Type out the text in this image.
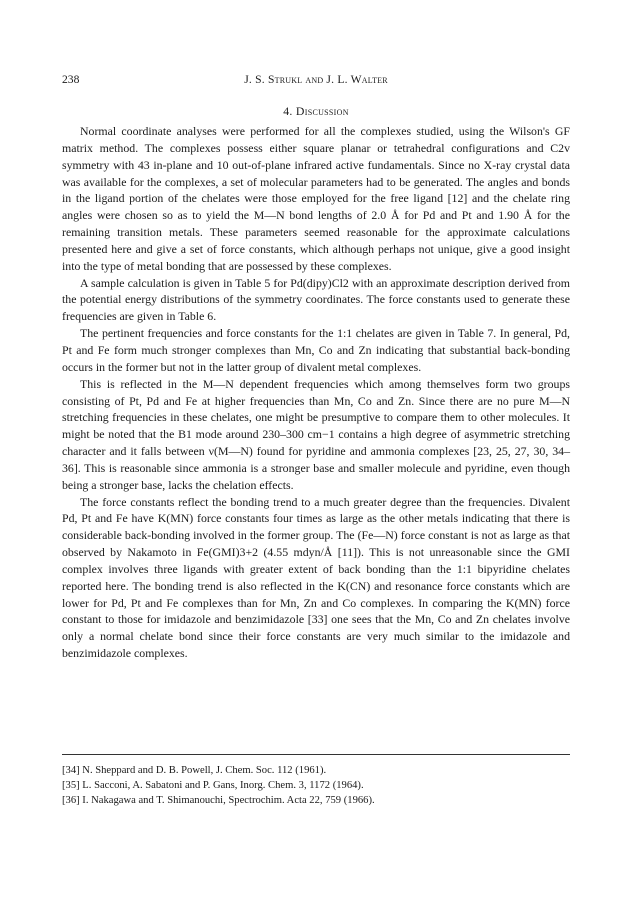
238	J. S. Strukl and J. L. Walter
4. Discussion

Normal coordinate analyses were performed for all the complexes studied, using the Wilson's GF matrix method. The complexes possess either square planar or tetrahedral configurations and C2v symmetry with 43 in-plane and 10 out-of-plane infrared active fundamentals. Since no X-ray crystal data was available for the complexes, a set of molecular parameters had to be generated. The angles and bonds in the ligand portion of the chelates were those employed for the free ligand [12] and the chelate ring angles were chosen so as to yield the M—N bond lengths of 2.0 Å for Pd and Pt and 1.90 Å for the remaining transition metals. These parameters seemed reasonable for the approximate calculations presented here and give a set of force constants, which although perhaps not unique, give a good insight into the type of metal bonding that are possessed by these complexes.

A sample calculation is given in Table 5 for Pd(dipy)Cl2 with an approximate description derived from the potential energy distributions of the symmetry coordinates. The force constants used to generate these frequencies are given in Table 6.

The pertinent frequencies and force constants for the 1:1 chelates are given in Table 7. In general, Pd, Pt and Fe form much stronger complexes than Mn, Co and Zn indicating that substantial back-bonding occurs in the former but not in the latter group of divalent metal complexes.

This is reflected in the M—N dependent frequencies which among themselves form two groups consisting of Pt, Pd and Fe at higher frequencies than Mn, Co and Zn. Since there are no pure M—N stretching frequencies in these chelates, one might be presumptive to compare them to other molecules. It might be noted that the B1 mode around 230–300 cm−1 contains a high degree of asymmetric stretching character and it falls between ν(M—N) found for pyridine and ammonia complexes [23, 25, 27, 30, 34–36]. This is reasonable since ammonia is a stronger base and smaller molecule and pyridine, even though being a stronger base, lacks the chelation effects.

The force constants reflect the bonding trend to a much greater degree than the frequencies. Divalent Pd, Pt and Fe have K(MN) force constants four times as large as the other metals indicating that there is considerable back-bonding involved in the former group. The (Fe—N) force constant is not as large as that observed by Nakamoto in Fe(GMI)3+2 (4.55 mdyn/Å [11]). This is not unreasonable since the GMI complex involves three ligands with greater extent of back bonding than the 1:1 bipyridine chelates reported here. The bonding trend is also reflected in the K(CN) and resonance force constants which are lower for Pd, Pt and Fe complexes than for Mn, Zn and Co complexes. In comparing the K(MN) force constant to those for imidazole and benzimidazole [33] one sees that the Mn, Co and Zn chelates involve only a normal chelate bond since their force constants are very much similar to the imidazole and benzimidazole complexes.

[34] N. Sheppard and D. B. Powell, J. Chem. Soc. 112 (1961).
[35] L. Sacconi, A. Sabatoni and P. Gans, Inorg. Chem. 3, 1172 (1964).
[36] I. Nakagawa and T. Shimanouchi, Spectrochim. Acta 22, 759 (1966).
